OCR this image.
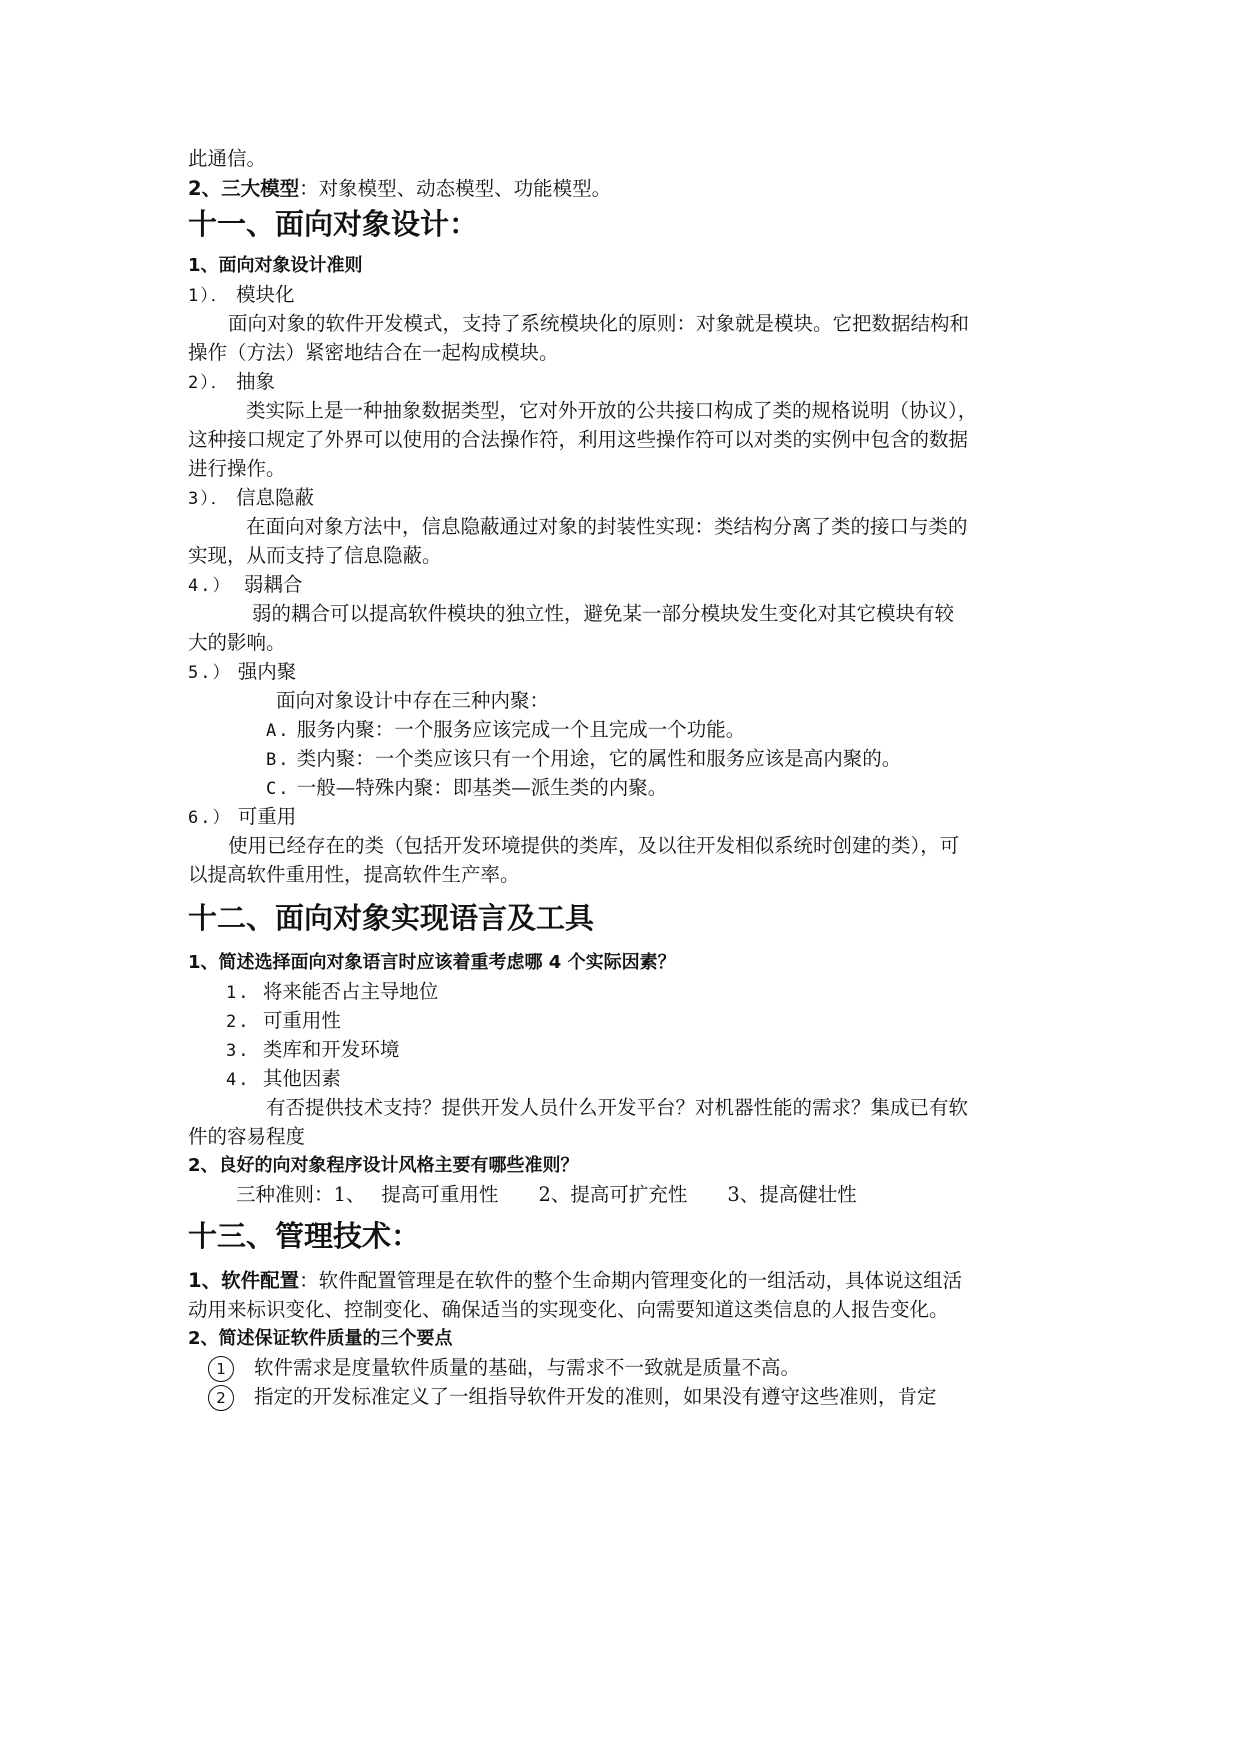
此通信。
2、三大模型：对象模型、动态模型、功能模型。
十一、面向对象设计：
1、面向对象设计准则
1）． 模块化
面向对象的软件开发模式，支持了系统模块化的原则：对象就是模块。它把数据结构和
操作（方法）紧密地结合在一起构成模块。
2）． 抽象
类实际上是一种抽象数据类型，它对外开放的公共接口构成了类的规格说明（协议），
这种接口规定了外界可以使用的合法操作符，利用这些操作符可以对类的实例中包含的数据
进行操作。
3）． 信息隐蔽
在面向对象方法中，信息隐蔽通过对象的封装性实现：类结构分离了类的接口与类的
实现，从而支持了信息隐蔽。
4.） 弱耦合
弱的耦合可以提高软件模块的独立性，避免某一部分模块发生变化对其它模块有较
大的影响。
5.） 强内聚
面向对象设计中存在三种内聚：
A. 服务内聚：一个服务应该完成一个且完成一个功能。
B. 类内聚：一个类应该只有一个用途，它的属性和服务应该是高内聚的。
C. 一般—特殊内聚：即基类—派生类的内聚。
6.） 可重用
使用已经存在的类（包括开发环境提供的类库，及以往开发相似系统时创建的类），可
以提高软件重用性，提高软件生产率。
十二、面向对象实现语言及工具
1、简述选择面向对象语言时应该着重考虑哪 4 个实际因素？
1. 将来能否占主导地位
2. 可重用性
3. 类库和开发环境
4. 其他因素
有否提供技术支持？提供开发人员什么开发平台？对机器性能的需求？集成已有软
件的容易程度
2、良好的向对象程序设计风格主要有哪些准则？
三种准则：1、 提高可重用性 2、提高可扩充性 3、提高健壮性
十三、管理技术：
1、软件配置：软件配置管理是在软件的整个生命期内管理变化的一组活动，具体说这组活
动用来标识变化、控制变化、确保适当的实现变化、向需要知道这类信息的人报告变化。
2、简述保证软件质量的三个要点
1 软件需求是度量软件质量的基础，与需求不一致就是质量不高。
2 指定的开发标准定义了一组指导软件开发的准则，如果没有遵守这些准则，肯定
